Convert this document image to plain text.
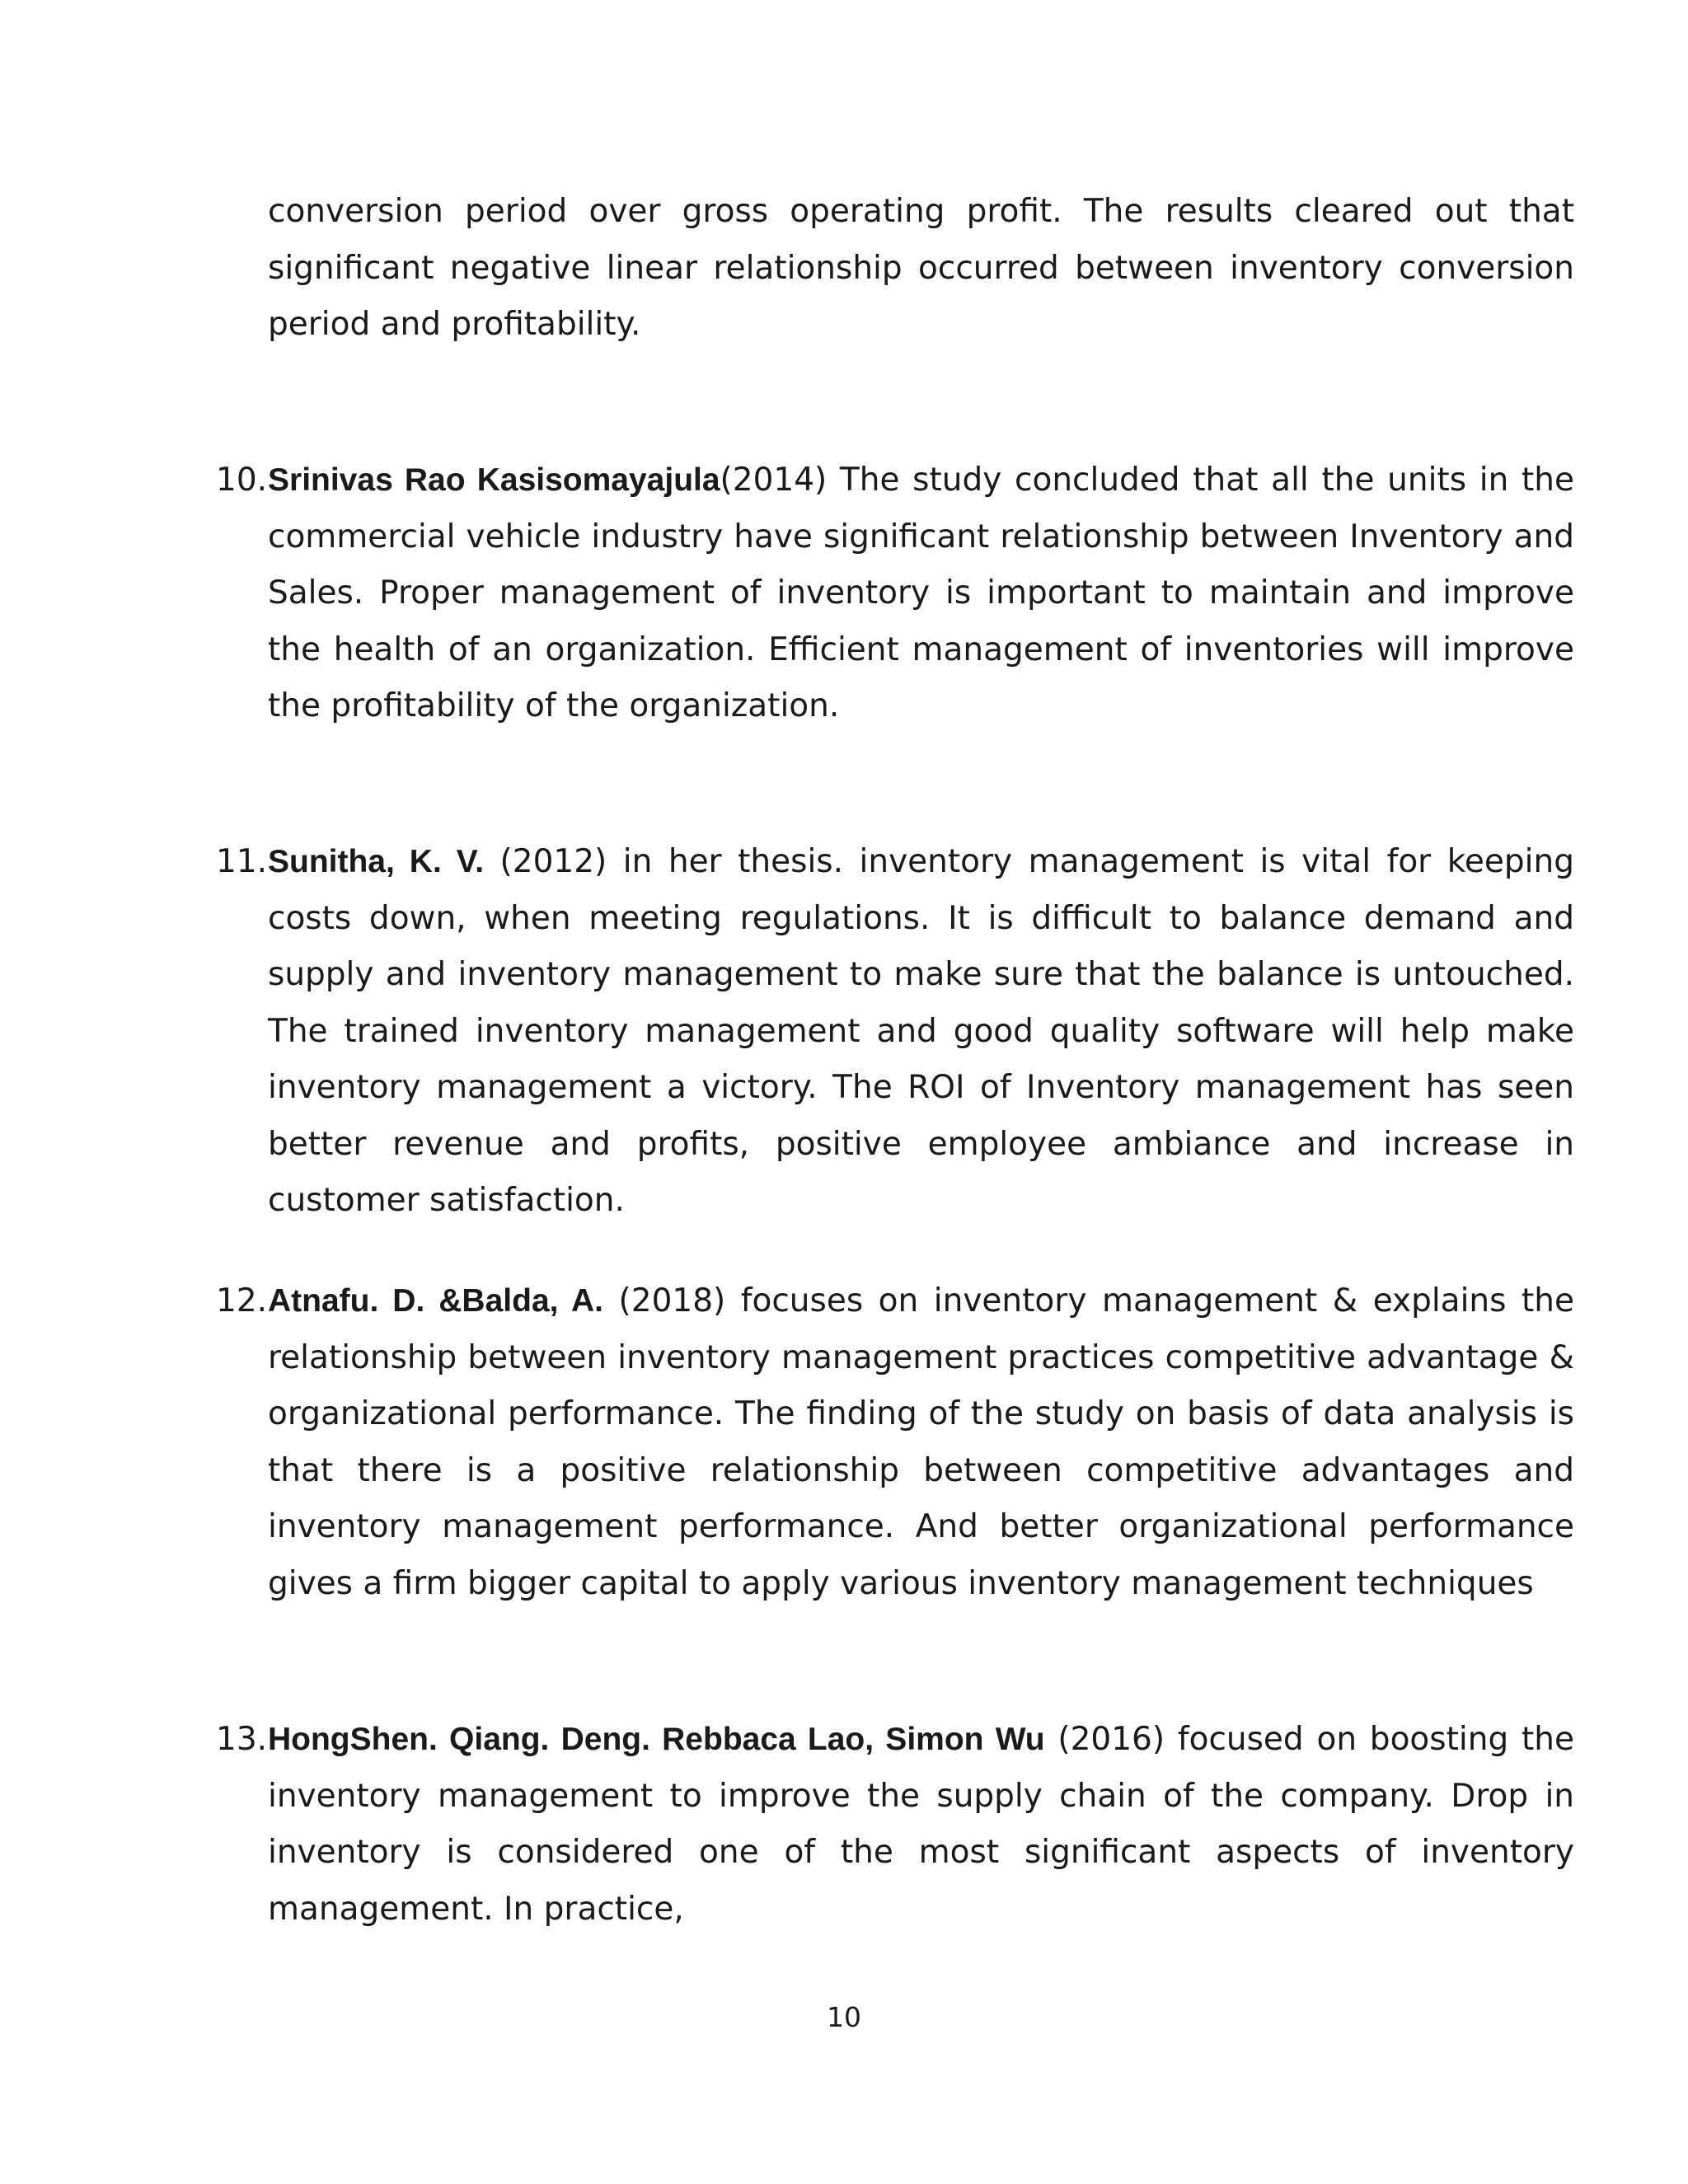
conversion period over gross operating profit. The results cleared out that significant negative linear relationship occurred between inventory conversion period and profitability.

10. Srinivas Rao Kasisomayajula(2014) The study concluded that all the units in the commercial vehicle industry have significant relationship between Inventory and Sales. Proper management of inventory is important to maintain and improve the health of an organization. Efficient management of inventories will improve the profitability of the organization.
11. Sunitha, K. V. (2012) in her thesis. inventory management is vital for keeping costs down, when meeting regulations. It is difficult to balance demand and supply and inventory management to make sure that the balance is untouched. The trained inventory management and good quality software will help make inventory management a victory. The ROI of Inventory management has seen better revenue and profits, positive employee ambiance and increase in customer satisfaction.
12. Atnafu. D. &Balda, A. (2018) focuses on inventory management & explains the relationship between inventory management practices competitive advantage & organizational performance. The finding of the study on basis of data analysis is that there is a positive relationship between competitive advantages and inventory management performance. And better organizational performance gives a firm bigger capital to apply various inventory management techniques
13. HongShen. Qiang. Deng. Rebbaca Lao, Simon Wu (2016) focused on boosting the inventory management to improve the supply chain of the company. Drop in inventory is considered one of the most significant aspects of inventory management. In practice,
10
